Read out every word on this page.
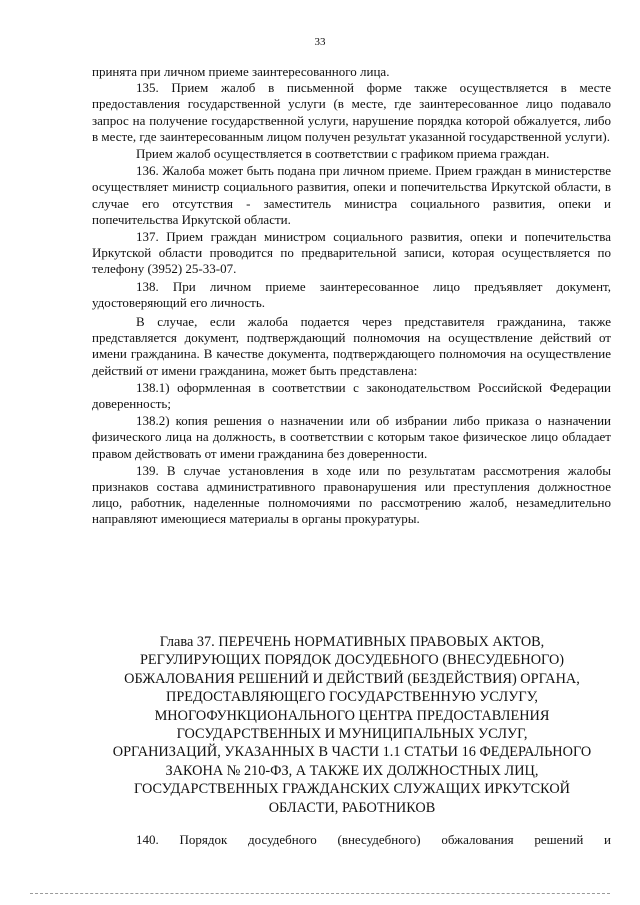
33

принята при личном приеме заинтересованного лица.

135. Прием жалоб в письменной форме также осуществляется в месте предоставления государственной услуги (в месте, где заинтересованное лицо подавало запрос на получение государственной услуги, нарушение порядка которой обжалуется, либо в месте, где заинтересованным лицом получен результат указанной государственной услуги).

Прием жалоб осуществляется в соответствии с графиком приема граждан.

136. Жалоба может быть подана при личном приеме. Прием граждан в министерстве осуществляет министр социального развития, опеки и попечительства Иркутской области, в случае его отсутствия - заместитель министра социального развития, опеки и попечительства Иркутской области.

137. Прием граждан министром социального развития, опеки и попечительства Иркутской области проводится по предварительной записи, которая осуществляется по телефону (3952) 25-33-07.

138. При личном приеме заинтересованное лицо предъявляет документ, удостоверяющий его личность.

В случае, если жалоба подается через представителя гражданина, также представляется документ, подтверждающий полномочия на осуществление действий от имени гражданина. В качестве документа, подтверждающего полномочия на осуществление действий от имени гражданина, может быть представлена:

138.1) оформленная в соответствии с законодательством Российской Федерации доверенность;

138.2) копия решения о назначении или об избрании либо приказа о назначении физического лица на должность, в соответствии с которым такое физическое лицо обладает правом действовать от имени гражданина без доверенности.

139. В случае установления в ходе или по результатам рассмотрения жалобы признаков состава административного правонарушения или преступления должностное лицо, работник, наделенные полномочиями по рассмотрению жалоб, незамедлительно направляют имеющиеся материалы в органы прокуратуры.

Глава 37. ПЕРЕЧЕНЬ НОРМАТИВНЫХ ПРАВОВЫХ АКТОВ,
РЕГУЛИРУЮЩИХ ПОРЯДОК ДОСУДЕБНОГО (ВНЕСУДЕБНОГО)
ОБЖАЛОВАНИЯ РЕШЕНИЙ И ДЕЙСТВИЙ (БЕЗДЕЙСТВИЯ) ОРГАНА,
ПРЕДОСТАВЛЯЮЩЕГО ГОСУДАРСТВЕННУЮ УСЛУГУ,
МНОГОФУНКЦИОНАЛЬНОГО ЦЕНТРА ПРЕДОСТАВЛЕНИЯ
ГОСУДАРСТВЕННЫХ И МУНИЦИПАЛЬНЫХ УСЛУГ,
ОРГАНИЗАЦИЙ, УКАЗАННЫХ В ЧАСТИ 1.1 СТАТЬИ 16 ФЕДЕРАЛЬНОГО
ЗАКОНА № 210-ФЗ, А ТАКЖЕ ИХ ДОЛЖНОСТНЫХ ЛИЦ,
ГОСУДАРСТВЕННЫХ ГРАЖДАНСКИХ СЛУЖАЩИХ ИРКУТСКОЙ
ОБЛАСТИ, РАБОТНИКОВ

140. Порядок досудебного (внесудебного) обжалования решений и
